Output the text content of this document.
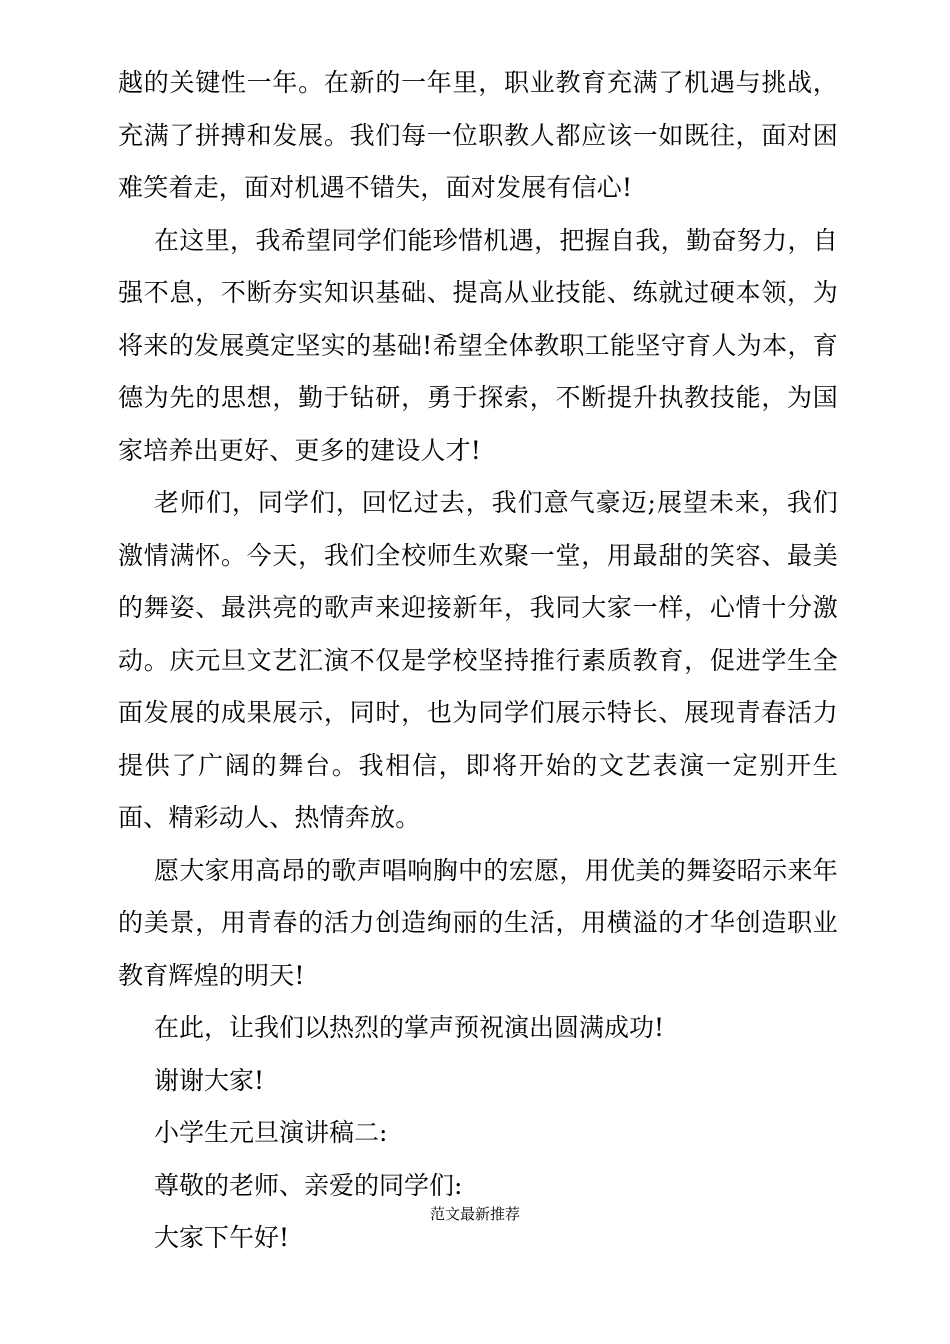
越的关键性一年。在新的一年里，职业教育充满了机遇与挑战，充满了拼搏和发展。我们每一位职教人都应该一如既往，面对困难笑着走，面对机遇不错失，面对发展有信心!

在这里，我希望同学们能珍惜机遇，把握自我，勤奋努力，自强不息，不断夯实知识基础、提高从业技能、练就过硬本领，为将来的发展奠定坚实的基础!希望全体教职工能坚守育人为本，育德为先的思想，勤于钻研，勇于探索，不断提升执教技能，为国家培养出更好、更多的建设人才!

老师们，同学们，回忆过去，我们意气豪迈;展望未来，我们激情满怀。今天，我们全校师生欢聚一堂，用最甜的笑容、最美的舞姿、最洪亮的歌声来迎接新年，我同大家一样，心情十分激动。庆元旦文艺汇演不仅是学校坚持推行素质教育，促进学生全面发展的成果展示，同时，也为同学们展示特长、展现青春活力提供了广阔的舞台。我相信，即将开始的文艺表演一定别开生面、精彩动人、热情奔放。

愿大家用高昂的歌声唱响胸中的宏愿，用优美的舞姿昭示来年的美景，用青春的活力创造绚丽的生活，用横溢的才华创造职业教育辉煌的明天!

在此，让我们以热烈的掌声预祝演出圆满成功!

谢谢大家!

小学生元旦演讲稿二:

尊敬的老师、亲爱的同学们:

大家下午好!

范文最新推荐
